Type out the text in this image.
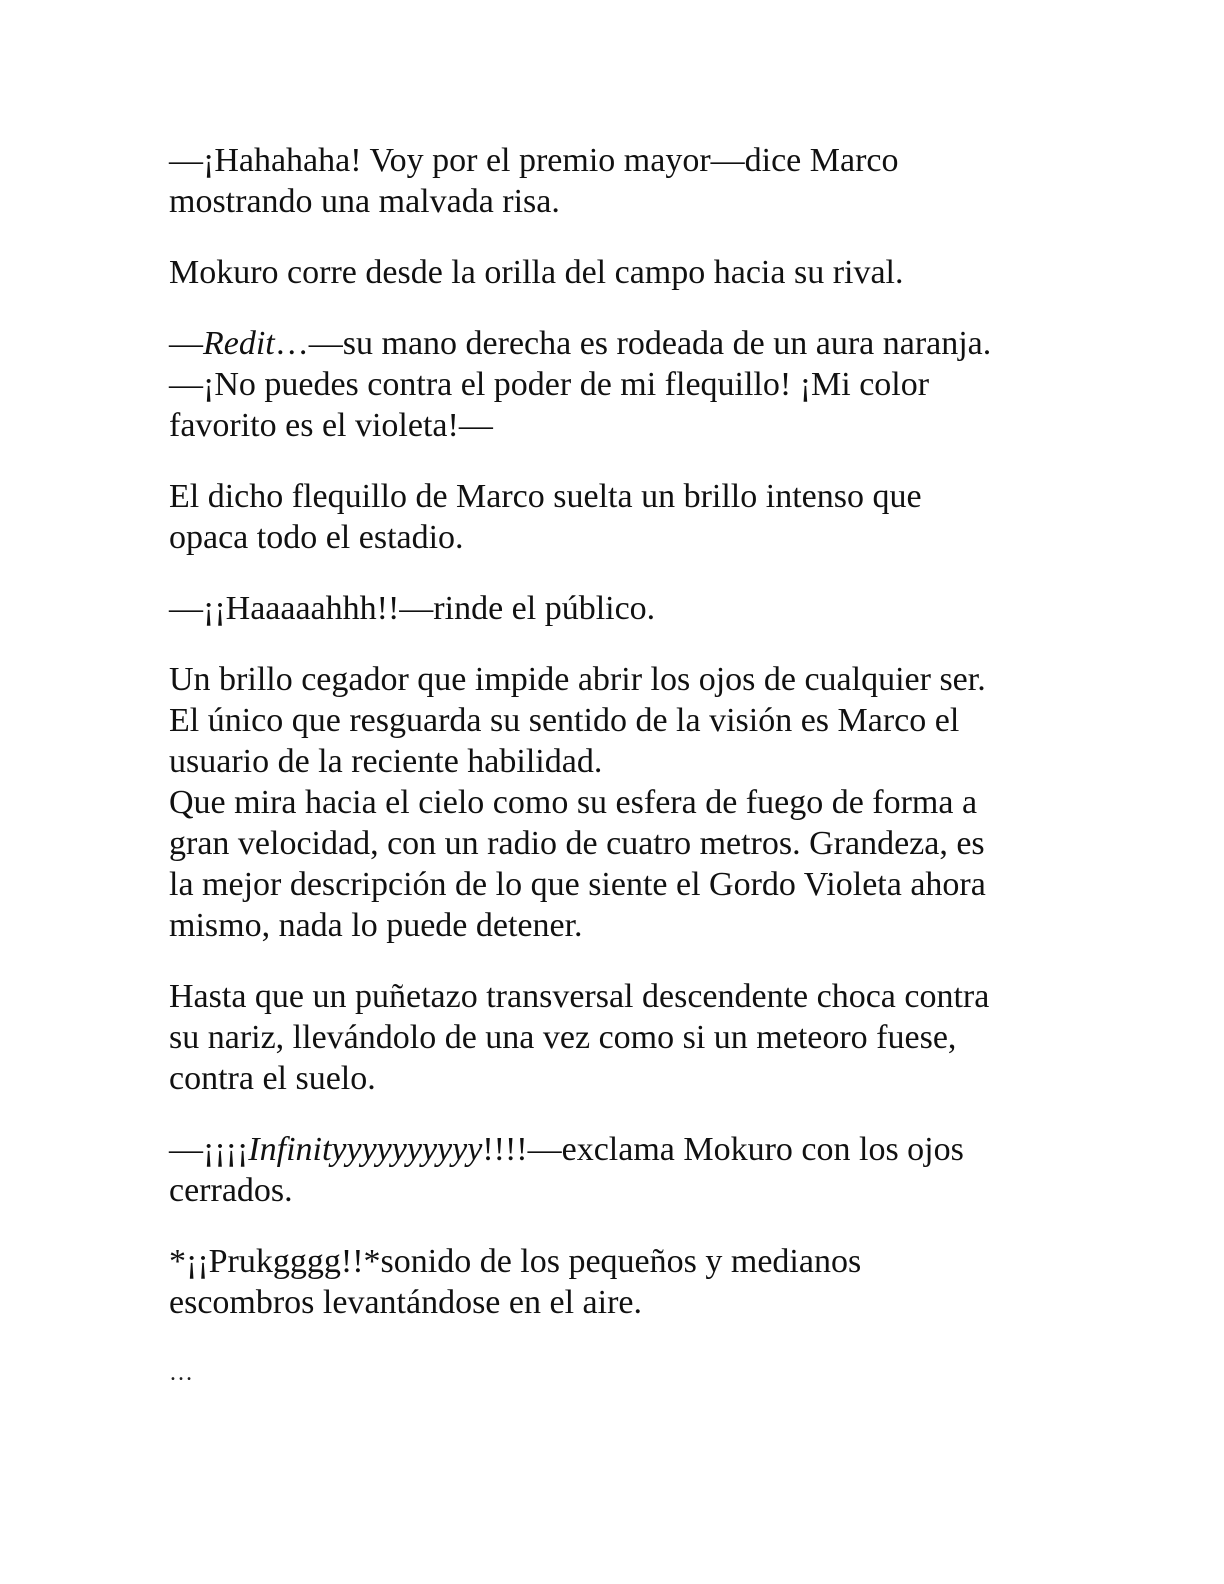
—¡Hahahaha! Voy por el premio mayor—dice Marco
mostrando una malvada risa.

Mokuro corre desde la orilla del campo hacia su rival.

—Redit…—su mano derecha es rodeada de un aura naranja.
—¡No puedes contra el poder de mi flequillo! ¡Mi color
favorito es el violeta!—

El dicho flequillo de Marco suelta un brillo intenso que
opaca todo el estadio.

—¡¡Haaaaahhh!!—rinde el público.

Un brillo cegador que impide abrir los ojos de cualquier ser.
El único que resguarda su sentido de la visión es Marco el
usuario de la reciente habilidad.
Que mira hacia el cielo como su esfera de fuego de forma a
gran velocidad, con un radio de cuatro metros. Grandeza, es
la mejor descripción de lo que siente el Gordo Violeta ahora
mismo, nada lo puede detener.

Hasta que un puñetazo transversal descendente choca contra
su nariz, llevándolo de una vez como si un meteoro fuese,
contra el suelo.

—¡¡¡¡Infinityyyyyyyyyy!!!!—exclama Mokuro con los ojos
cerrados.

*¡¡Prukgggg!!*sonido de los pequeños y medianos
escombros levantándose en el aire.

…
